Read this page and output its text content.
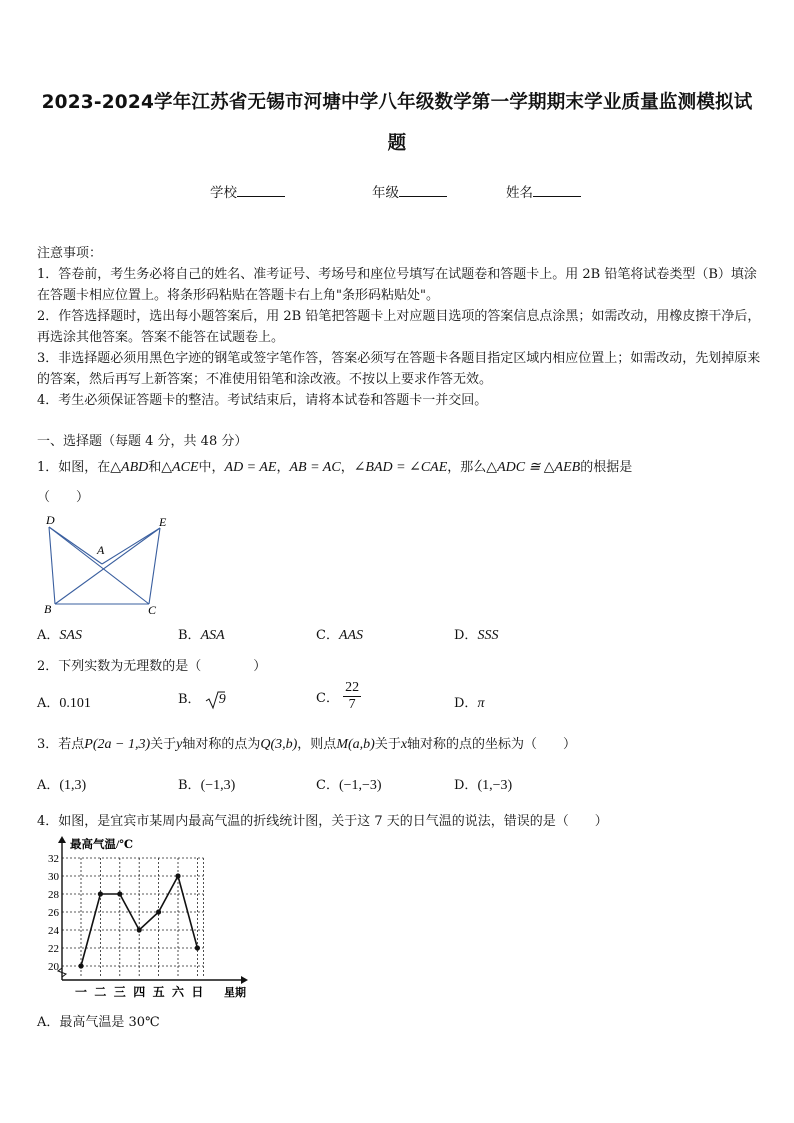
2023-2024学年江苏省无锡市河塘中学八年级数学第一学期期末学业质量监测模拟试
题
学校	年级	姓名
注意事项：
1．答卷前，考生务必将自己的姓名、准考证号、考场号和座位号填写在试题卷和答题卡上。用 2B 铅笔将试卷类型（B）填涂在答题卡相应位置上。将条形码粘贴在答题卡右上角"条形码粘贴处"。
2．作答选择题时，选出每小题答案后，用 2B 铅笔把答题卡上对应题目选项的答案信息点涂黑；如需改动，用橡皮擦干净后，再选涂其他答案。答案不能答在试题卷上。
3．非选择题必须用黑色字迹的钢笔或签字笔作答，答案必须写在答题卡各题目指定区域内相应位置上；如需改动，先划掉原来的答案，然后再写上新答案；不准使用铅笔和涂改液。不按以上要求作答无效。
4．考生必须保证答题卡的整洁。考试结束后，请将本试卷和答题卡一并交回。
一、选择题（每题 4 分，共 48 分）
1．如图，在△ABD和△ACE中，AD = AE，AB = AC，∠BAD = ∠CAE，那么△ADC ≅ △AEB的根据是
（　　）
D	E
A
B	C
A．SAS	B．ASA	C．AAS	D．SSS
2．下列实数为无理数的是（　　　　）
A．0.101	B． 9	C． $\frac{22}{7}$	D．π
3．若点P(2a − 1,3)关于y轴对称的点为Q(3,b)，则点M(a,b)关于x轴对称的点的坐标为（　　）
A．(1,3)	B．(−1,3)	C．(−1,−3)	D．(1,−3)
4．如图，是宜宾市某周内最高气温的折线统计图，关于这 7 天的日气温的说法，错误的是（　　）
20
22
24
26
28
30
32
一 二 三 四 五 六 日
最高气温/℃
星期
A．最高气温是 30℃
